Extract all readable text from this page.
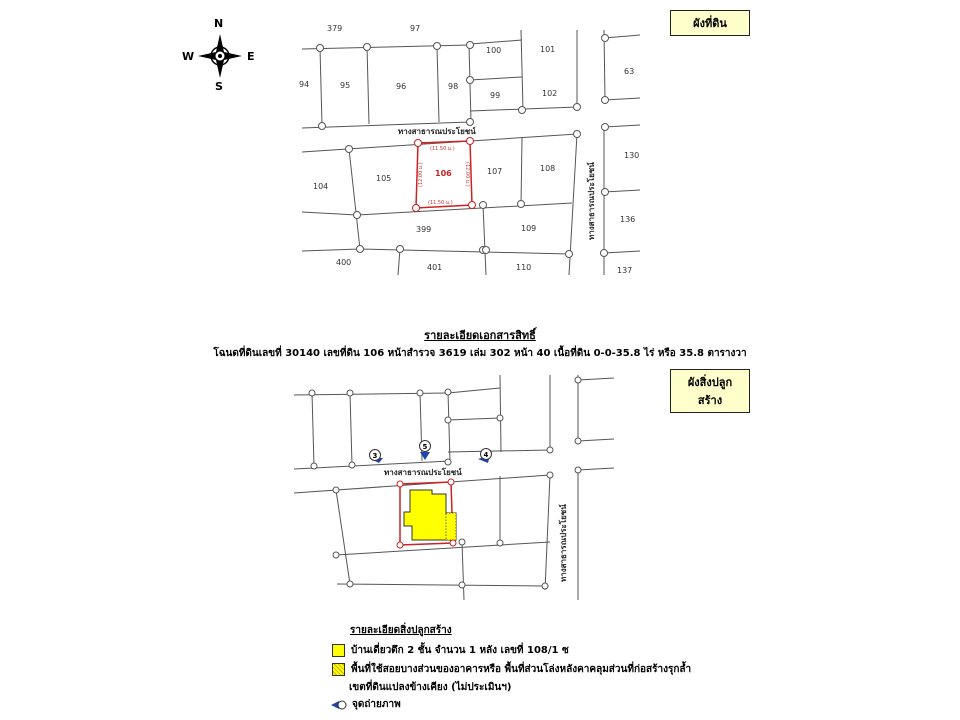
N
S
E
W
ผังที่ดิน
379	97
100	101
63
94	95	96	98
99	102
ทางสาธารณประโยชน์
104
105
106	107	108
130
136
399	109
400
401	110	137
(11.50 ม.)
(11.50 ม.)
(12.00 ม.)	(12.00 ม.)	ทางสาธารณประโยชน์
รายละเอียดเอกสารสิทธิ์
โฉนดที่ดินเลขที่ 30140 เลขที่ดิน 106 หน้าสำรวจ 3619 เล่ม 302 หน้า 40 เนื้อที่ดิน 0-0-35.8 ไร่ หรือ 35.8 ตารางวา
ผังสิ่งปลูกสร้าง
3
5
4
ทางสาธารณประโยชน์
ทางสาธารณประโยชน์
รายละเอียดสิ่งปลูกสร้าง
บ้านเดี่ยวตึก 2 ชั้น จำนวน 1 หลัง เลขที่ 108/1 ซ
พื้นที่ใช้สอยบางส่วนของอาคารหรือ พื้นที่ส่วนโล่งหลังคาคลุมส่วนที่ก่อสร้างรุกล้ำ
เขตที่ดินแปลงข้างเคียง (ไม่ประเมินฯ)
จุดถ่ายภาพ
